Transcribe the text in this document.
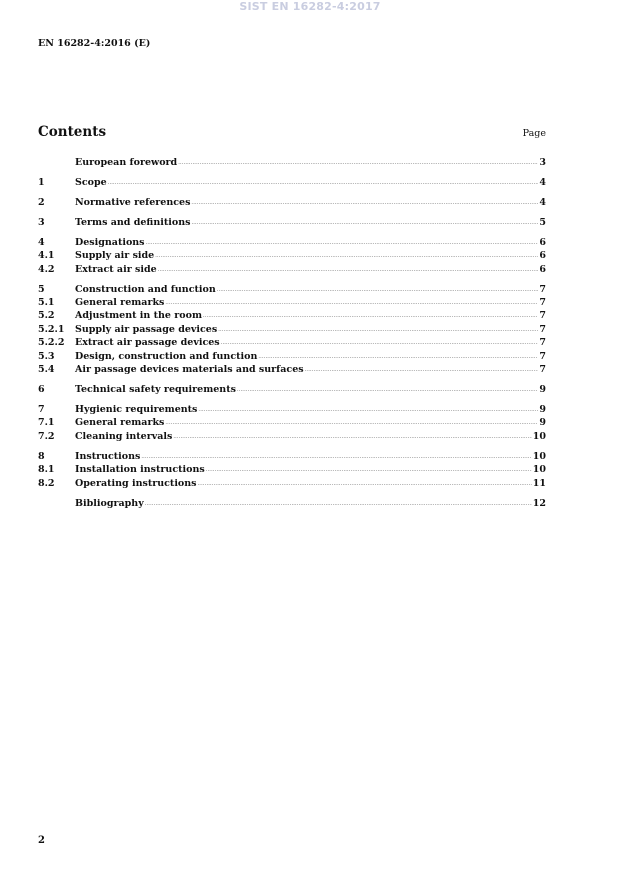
SIST EN 16282-4:2017
EN 16282-4:2016 (E)
Contents	Page
European foreword .....	3
1	Scope .....	4
2	Normative references .....	4
3	Terms and definitions .....	5
4	Designations .....	6
4.1	Supply air side .....	6
4.2	Extract air side .....	6
5	Construction and function .....	7
5.1	General remarks .....	7
5.2	Adjustment in the room .....	7
5.2.1	Supply air passage devices .....	7
5.2.2	Extract air passage devices .....	7
5.3	Design, construction and function .....	7
5.4	Air passage devices materials and surfaces .....	7
6	Technical safety requirements .....	9
7	Hygienic requirements .....	9
7.1	General remarks .....	9
7.2	Cleaning intervals .....	10
8	Instructions .....	10
8.1	Installation instructions .....	10
8.2	Operating instructions .....	11
Bibliography .....	12
2
